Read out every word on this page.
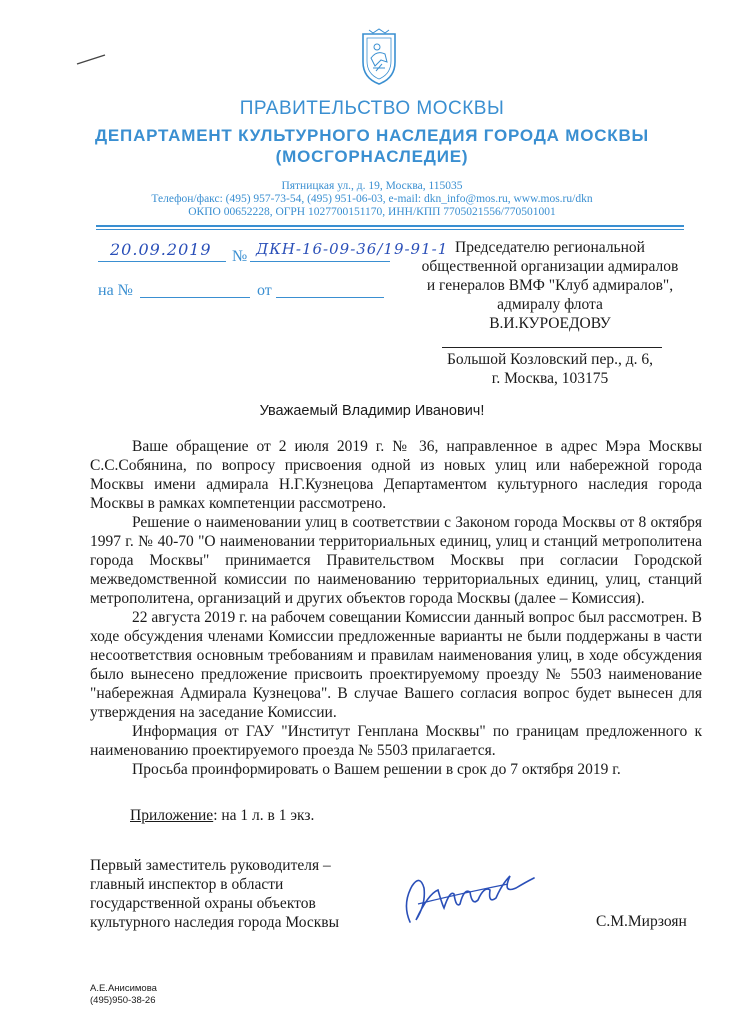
ПРАВИТЕЛЬСТВО МОСКВЫ
ДЕПАРТАМЕНТ КУЛЬТУРНОГО НАСЛЕДИЯ ГОРОДА МОСКВЫ
(МОСГОРНАСЛЕДИЕ)
Пятницкая ул., д. 19, Москва, 115035
Телефон/факс: (495) 957-73-54, (495) 951-06-03, e-mail: dkn_info@mos.ru, www.mos.ru/dkn
ОКПО 00652228, ОГРН 1027700151170, ИНН/КПП 7705021556/770501001
20.09.2019 № ДКН-16-09-36/19-91-1
на №	от
Председателю региональной
общественной организации адмиралов
и генералов ВМФ "Клуб адмиралов",
адмиралу флота
В.И.КУРОЕДОВУ
Большой Козловский пер., д. 6,
г. Москва, 103175
Уважаемый Владимир Иванович!

Ваше обращение от 2 июля 2019 г. № 36, направленное в адрес Мэра Москвы С.С.Собянина, по вопросу присвоения одной из новых улиц или набережной города Москвы имени адмирала Н.Г.Кузнецова Департаментом культурного наследия города Москвы в рамках компетенции рассмотрено.

Решение о наименовании улиц в соответствии с Законом города Москвы от 8 октября 1997 г. № 40-70 "О наименовании территориальных единиц, улиц и станций метрополитена города Москвы" принимается Правительством Москвы при согласии Городской межведомственной комиссии по наименованию территориальных единиц, улиц, станций метрополитена, организаций и других объектов города Москвы (далее – Комиссия).

22 августа 2019 г. на рабочем совещании Комиссии данный вопрос был рассмотрен. В ходе обсуждения членами Комиссии предложенные варианты не были поддержаны в части несоответствия основным требованиям и правилам наименования улиц, в ходе обсуждения было вынесено предложение присвоить проектируемому проезду № 5503 наименование "набережная Адмирала Кузнецова". В случае Вашего согласия вопрос будет вынесен для утверждения на заседание Комиссии.

Информация от ГАУ "Институт Генплана Москвы" по границам предложенного к наименованию проектируемого проезда № 5503 прилагается.

Просьба проинформировать о Вашем решении в срок до 7 октября 2019 г.

Приложение: на 1 л. в 1 экз.
Первый заместитель руководителя –
главный инспектор в области
государственной охраны объектов
культурного наследия города Москвы	С.М.Мирзоян
А.Е.Анисимова
(495)950-38-26
